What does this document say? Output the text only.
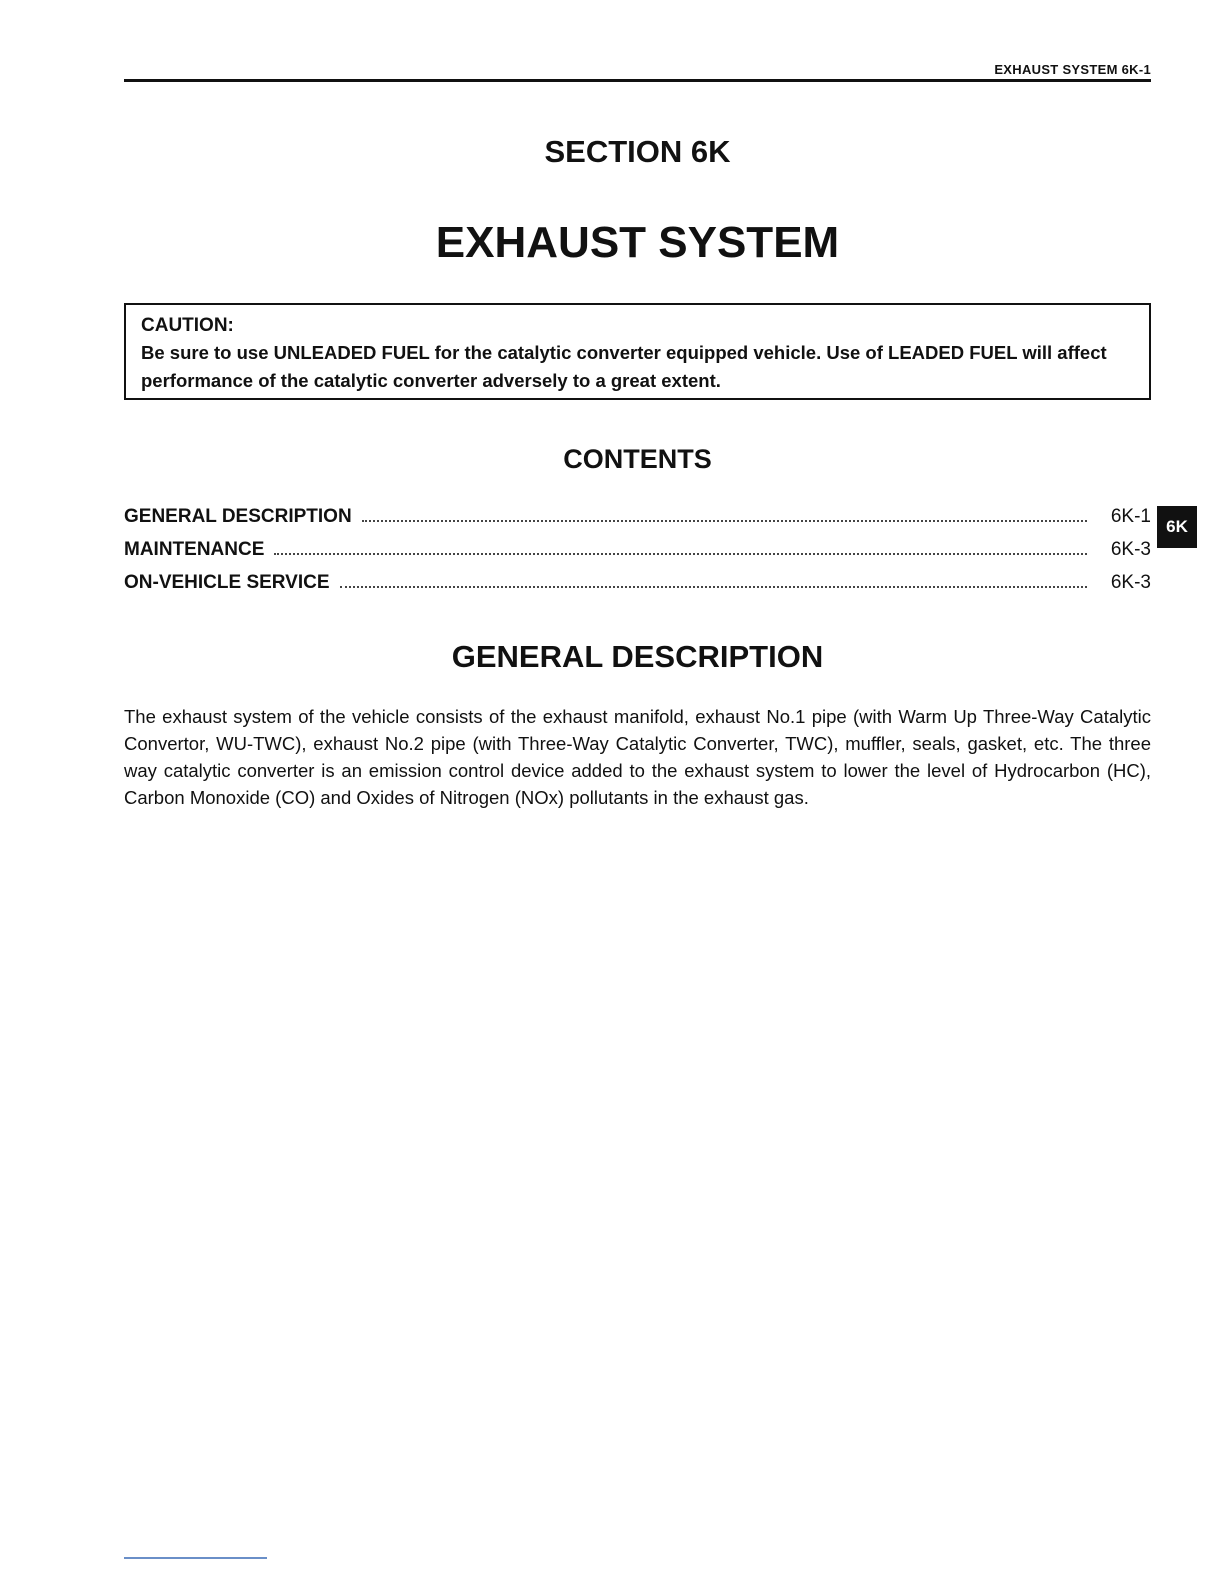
EXHAUST SYSTEM 6K-1
SECTION 6K
EXHAUST SYSTEM
CAUTION:
Be sure to use UNLEADED FUEL for the catalytic converter equipped vehicle. Use of LEADED FUEL will affect performance of the catalytic converter adversely to a great extent.
CONTENTS
GENERAL DESCRIPTION	6K-1
MAINTENANCE	6K-3
ON-VEHICLE SERVICE	6K-3
6K
GENERAL DESCRIPTION
The exhaust system of the vehicle consists of the exhaust manifold, exhaust No.1 pipe (with Warm Up Three-Way Catalytic Convertor, WU-TWC), exhaust No.2 pipe (with Three-Way Catalytic Converter, TWC), muffler, seals, gasket, etc. The three way catalytic converter is an emission control device added to the exhaust system to lower the level of Hydrocarbon (HC), Carbon Monoxide (CO) and Oxides of Nitrogen (NOx) pollutants in the exhaust gas.
